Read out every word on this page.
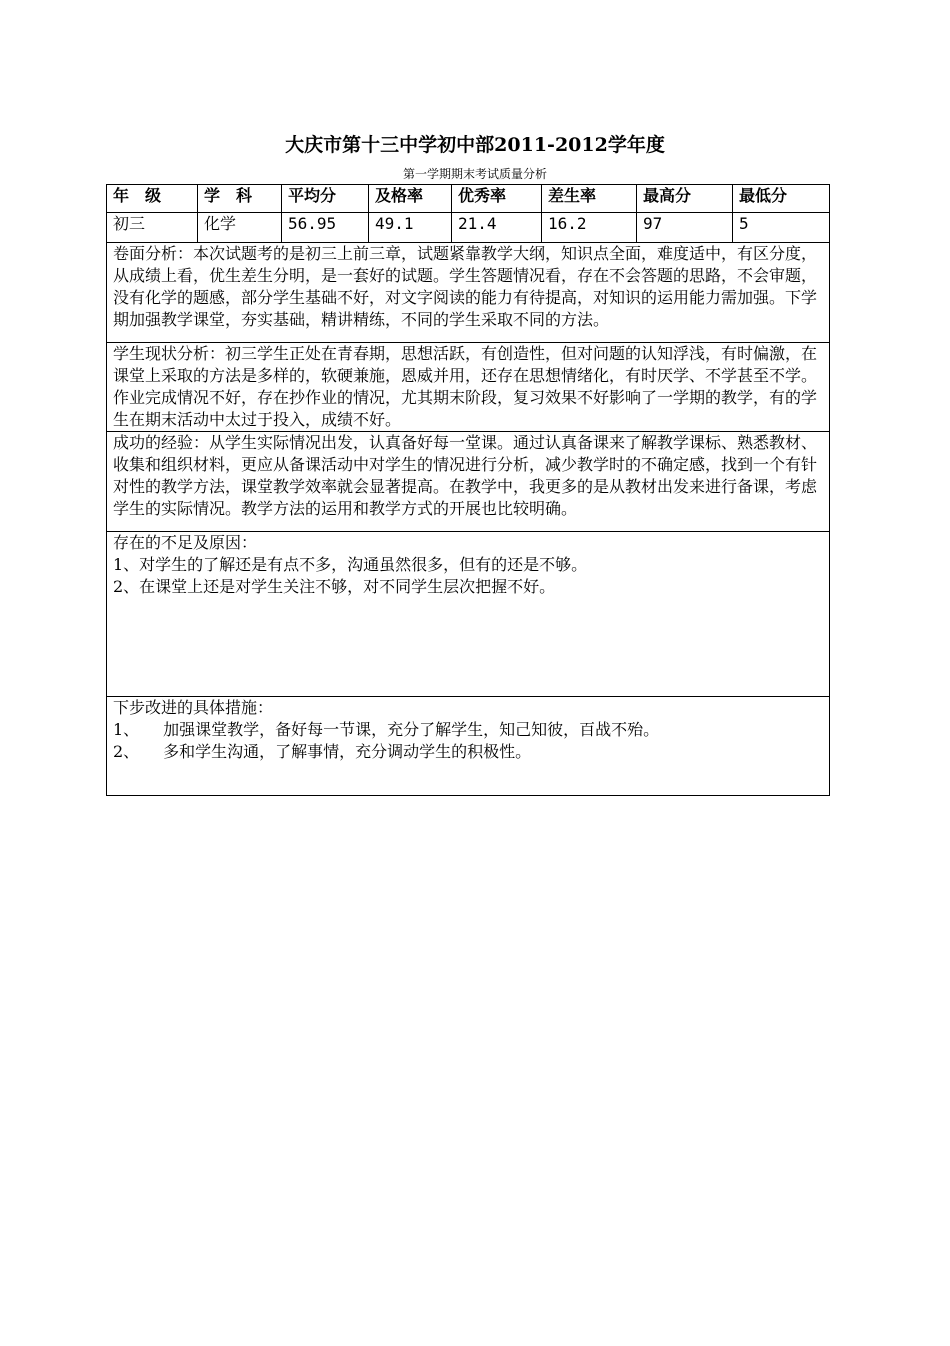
大庆市第十三中学初中部2011-2012学年度
第一学期期末考试质量分析
年　级	学　科	平均分	及格率	优秀率	差生率	最高分	最低分
初三	化学	56.95	49.1	21.4	16.2	97	5
卷面分析：本次试题考的是初三上前三章，试题紧靠教学大纲，知识点全面，难度适中，有区分度，从成绩上看，优生差生分明，是一套好的试题。学生答题情况看，存在不会答题的思路，不会审题，没有化学的题感，部分学生基础不好，对文字阅读的能力有待提高，对知识的运用能力需加强。下学期加强教学课堂，夯实基础，精讲精练，不同的学生采取不同的方法。							
学生现状分析：初三学生正处在青春期，思想活跃，有创造性，但对问题的认知浮浅，有时偏激，在课堂上采取的方法是多样的，软硬兼施，恩威并用，还存在思想情绪化，有时厌学、不学甚至不学。作业完成情况不好，存在抄作业的情况，尤其期末阶段，复习效果不好影响了一学期的教学，有的学生在期末活动中太过于投入，成绩不好。							
成功的经验：从学生实际情况出发，认真备好每一堂课。通过认真备课来了解教学课标、熟悉教材、收集和组织材料，更应从备课活动中对学生的情况进行分析，减少教学时的不确定感，找到一个有针对性的教学方法，课堂教学效率就会显著提高。在教学中，我更多的是从教材出发来进行备课，考虑学生的实际情况。教学方法的运用和教学方式的开展也比较明确。							

存在的不足及原因：
1、对学生的了解还是有点不多，沟通虽然很多，但有的还是不够。
2、在课堂上还是对学生关注不够，对不同学生层次把握不好。							

下步改进的具体措施：
1、　　加强课堂教学，备好每一节课，充分了解学生，知己知彼，百战不殆。
2、　　多和学生沟通，了解事情，充分调动学生的积极性。							
